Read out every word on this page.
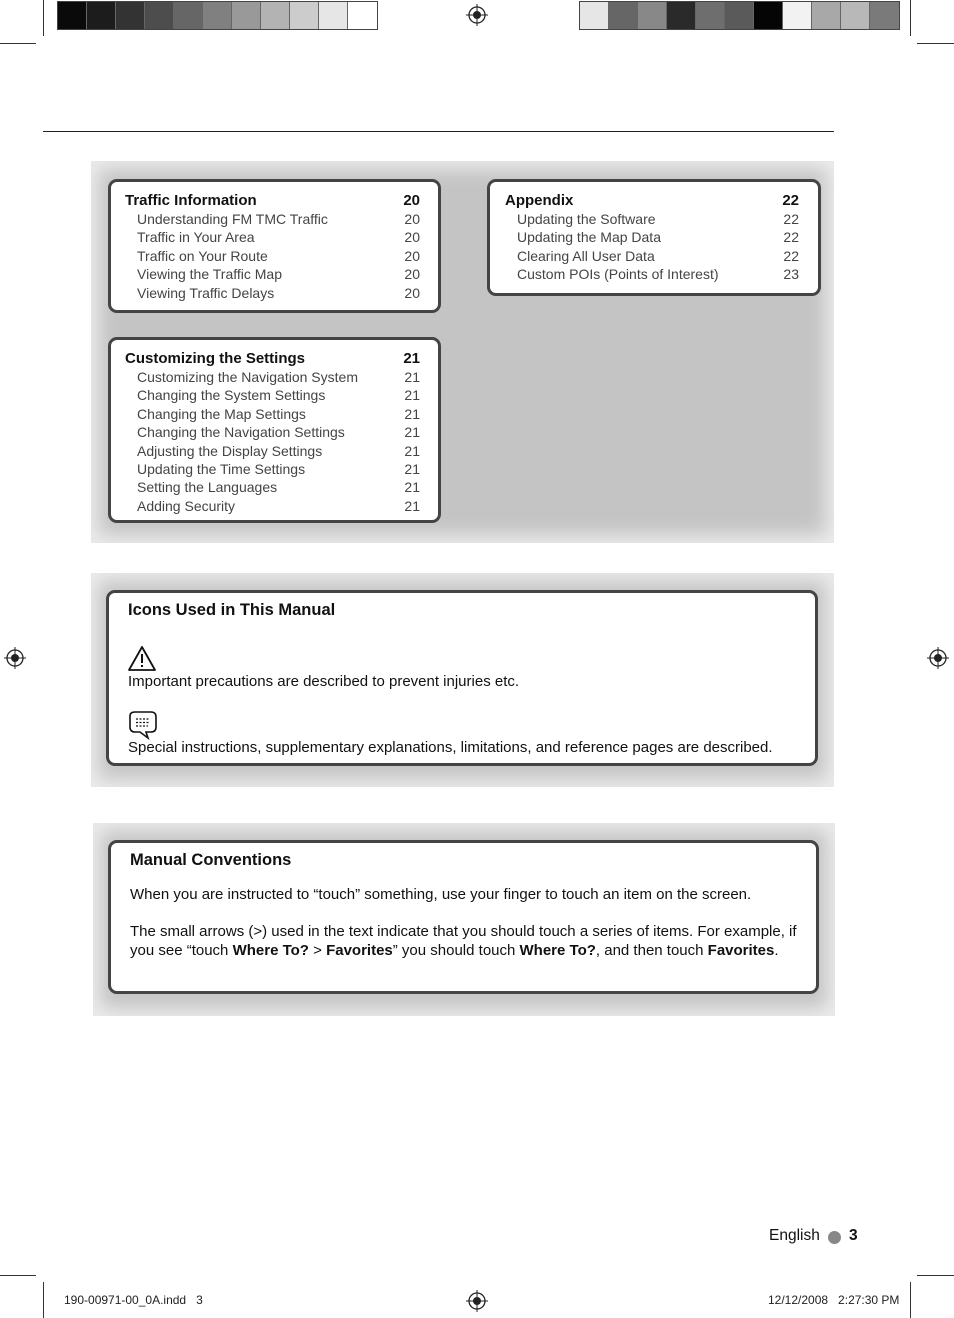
Traffic Information	20
Understanding FM TMC Traffic	20
Traffic in Your Area	20
Traffic on Your Route	20
Viewing the Traffic Map	20
Viewing Traffic Delays	20
Appendix	22
Updating the Software	22
Updating the Map Data	22
Clearing All User Data	22
Custom POIs (Points of Interest)	23
Customizing the Settings	21
Customizing the Navigation System	21
Changing the System Settings	21
Changing the Map Settings	21
Changing the Navigation Settings	21
Adjusting the Display Settings	21
Updating the Time Settings	21
Setting the Languages	21
Adding Security	21
Icons Used in This Manual
Important precautions are described to prevent injuries etc.
Special instructions, supplementary explanations, limitations, and reference pages are described.
Manual Conventions
When you are instructed to “touch” something, use your finger to touch an item on the screen.
The small arrows (>) used in the text indicate that you should touch a series of items. For example, if you see “touch Where To? > Favorites” you should touch Where To?, and then touch Favorites.
English 3
190-00971-00_0A.indd   3	12/12/2008   2:27:30 PM
